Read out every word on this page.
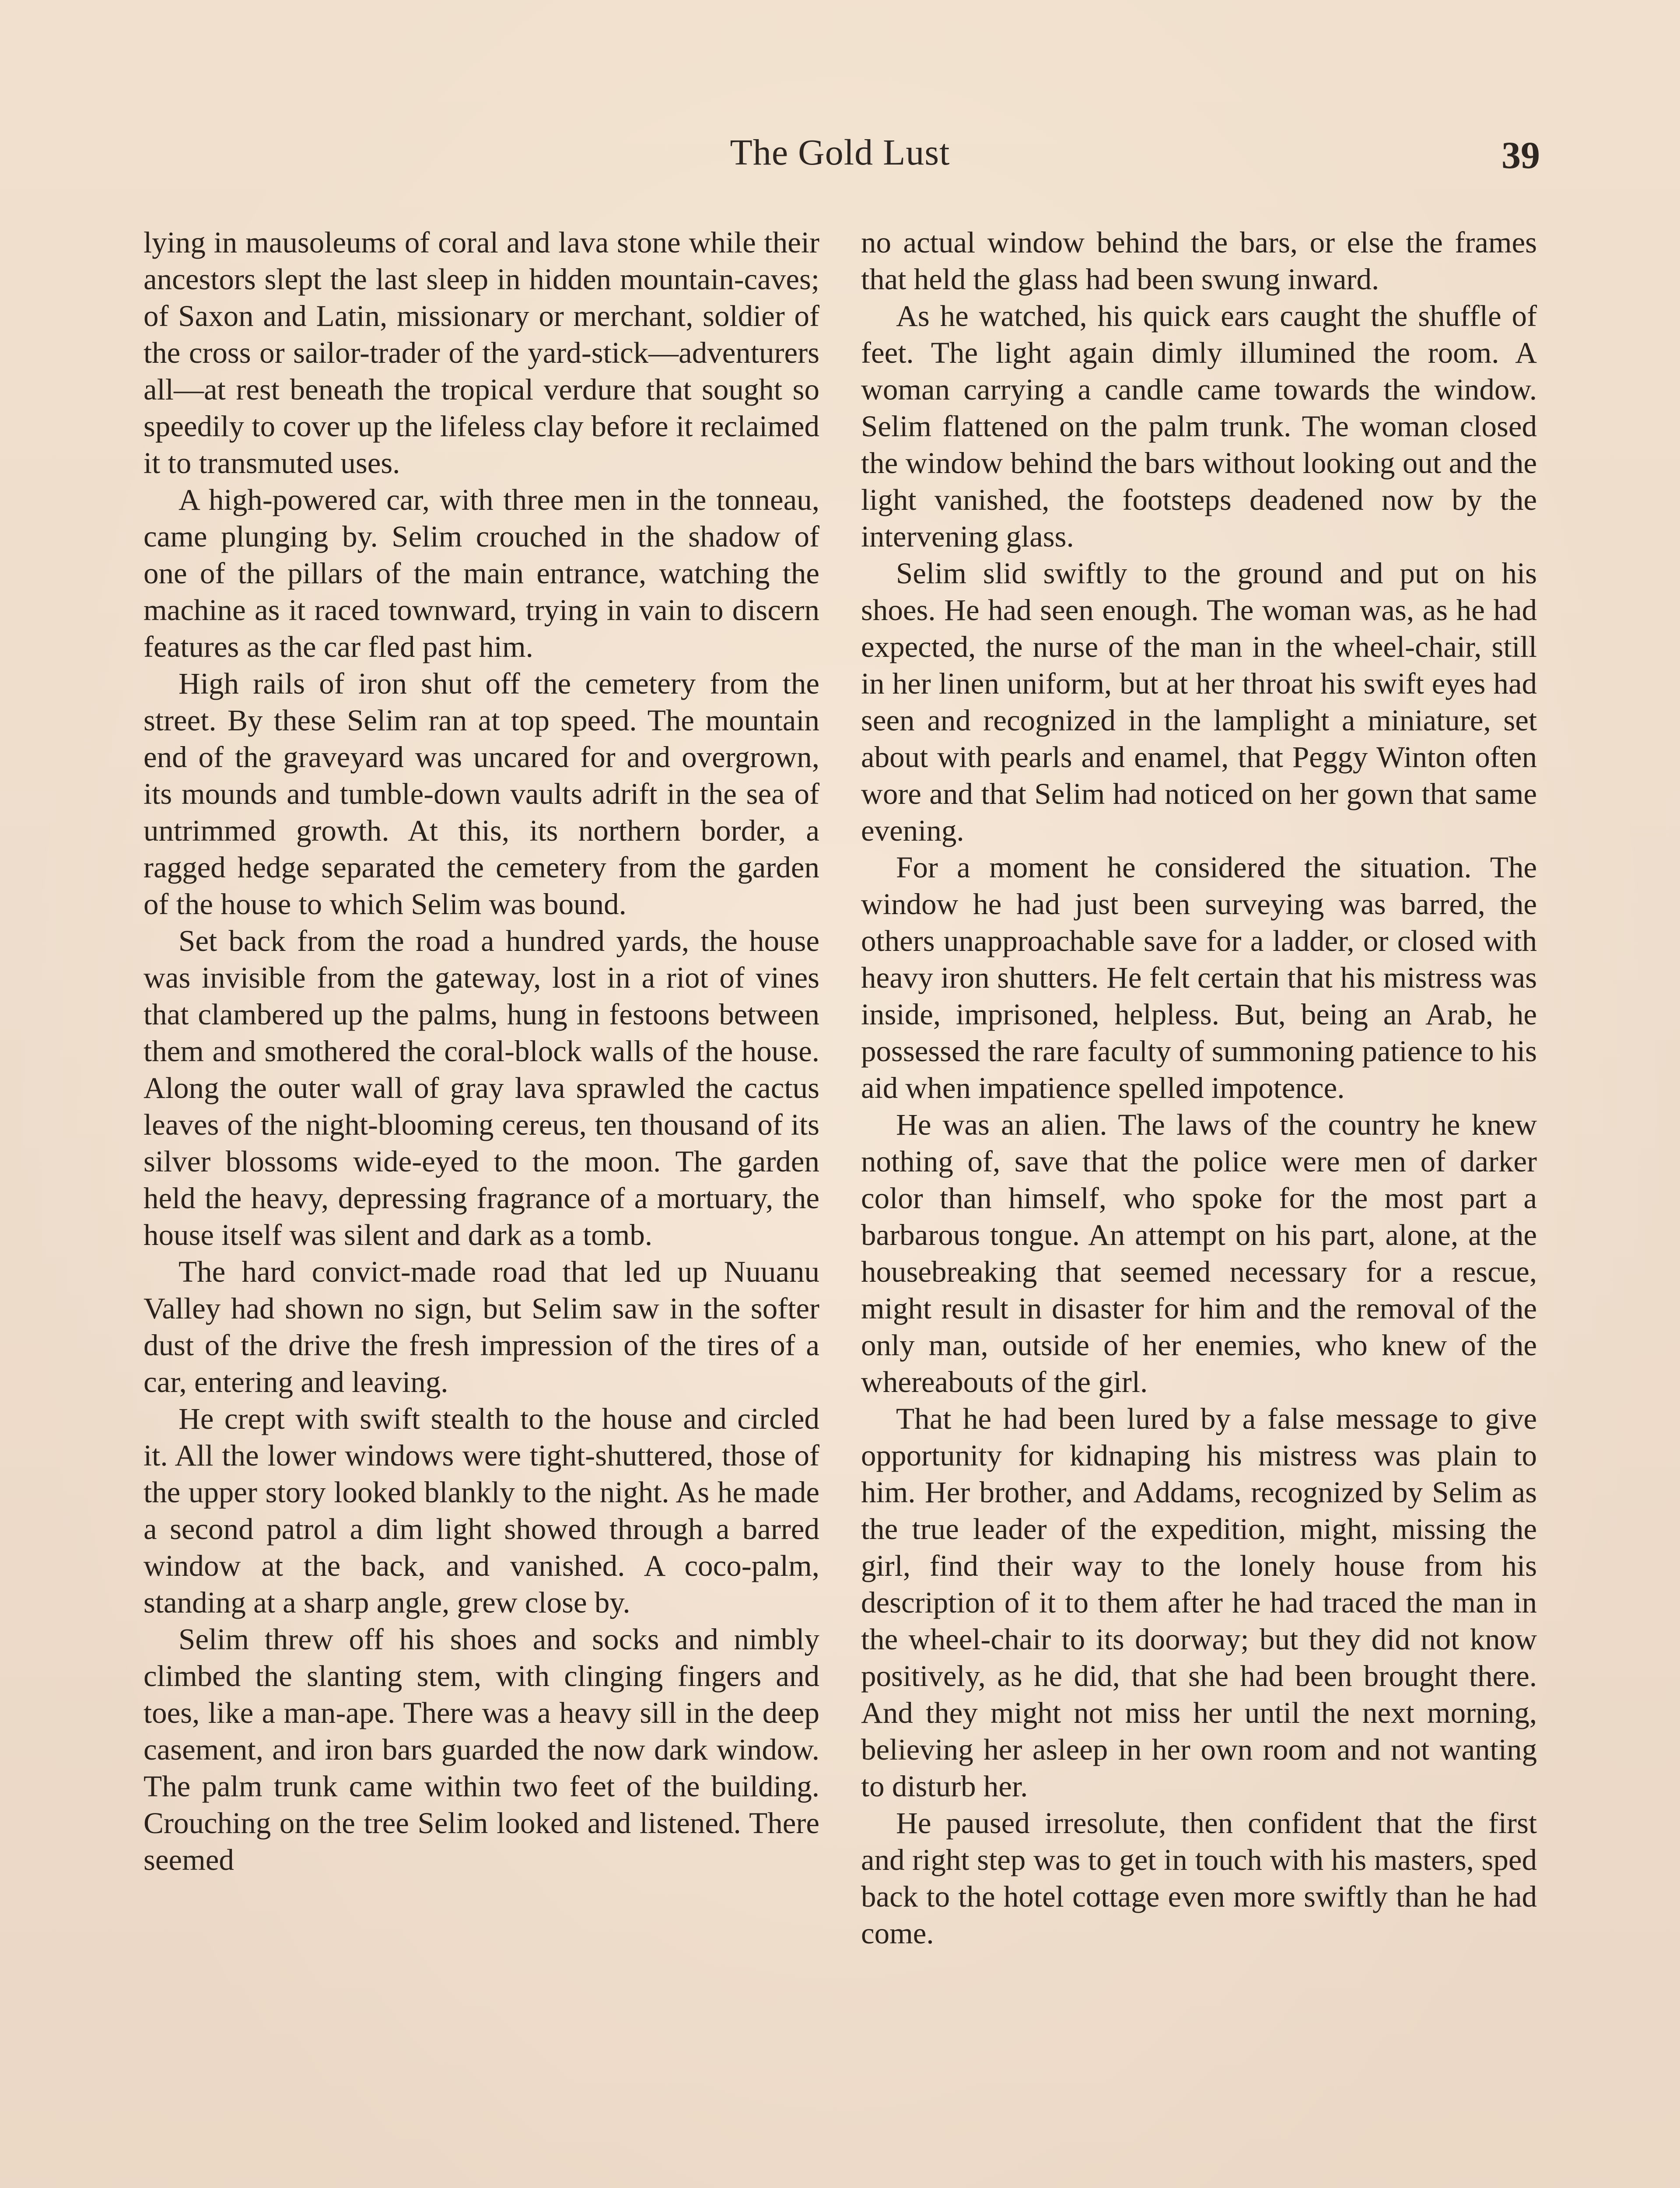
The Gold Lust	39

lying in mausoleums of coral and lava stone while their ancestors slept the last sleep in hidden mountain-caves; of Saxon and Latin, missionary or merchant, soldier of the cross or sailor-trader of the yard-stick—adventurers all—at rest beneath the tropical verdure that sought so speedily to cover up the lifeless clay before it reclaimed it to transmuted uses.

A high-powered car, with three men in the tonneau, came plunging by. Selim crouched in the shadow of one of the pillars of the main entrance, watching the machine as it raced townward, trying in vain to discern features as the car fled past him.

High rails of iron shut off the cemetery from the street. By these Selim ran at top speed. The mountain end of the graveyard was uncared for and overgrown, its mounds and tumble-down vaults adrift in the sea of untrimmed growth. At this, its northern border, a ragged hedge separated the cemetery from the garden of the house to which Selim was bound.

Set back from the road a hundred yards, the house was invisible from the gateway, lost in a riot of vines that clambered up the palms, hung in festoons between them and smothered the coral-block walls of the house. Along the outer wall of gray lava sprawled the cactus leaves of the night-blooming cereus, ten thousand of its silver blossoms wide-eyed to the moon. The garden held the heavy, depressing fragrance of a mortuary, the house itself was silent and dark as a tomb.

The hard convict-made road that led up Nuuanu Valley had shown no sign, but Selim saw in the softer dust of the drive the fresh impression of the tires of a car, entering and leaving.

He crept with swift stealth to the house and circled it. All the lower windows were tight-shuttered, those of the upper story looked blankly to the night. As he made a second patrol a dim light showed through a barred window at the back, and vanished. A coco-palm, standing at a sharp angle, grew close by.

Selim threw off his shoes and socks and nimbly climbed the slanting stem, with clinging fingers and toes, like a man-ape. There was a heavy sill in the deep casement, and iron bars guarded the now dark window. The palm trunk came within two feet of the building. Crouching on the tree Selim looked and listened. There seemed

no actual window behind the bars, or else the frames that held the glass had been swung inward.

As he watched, his quick ears caught the shuffle of feet. The light again dimly illumined the room. A woman carrying a candle came towards the window. Selim flattened on the palm trunk. The woman closed the window behind the bars without looking out and the light vanished, the footsteps deadened now by the intervening glass.

Selim slid swiftly to the ground and put on his shoes. He had seen enough. The woman was, as he had expected, the nurse of the man in the wheel-chair, still in her linen uniform, but at her throat his swift eyes had seen and recognized in the lamplight a miniature, set about with pearls and enamel, that Peggy Winton often wore and that Selim had noticed on her gown that same evening.

For a moment he considered the situation. The window he had just been surveying was barred, the others unapproachable save for a ladder, or closed with heavy iron shutters. He felt certain that his mistress was inside, imprisoned, helpless. But, being an Arab, he possessed the rare faculty of summoning patience to his aid when impatience spelled impotence.

He was an alien. The laws of the country he knew nothing of, save that the police were men of darker color than himself, who spoke for the most part a barbarous tongue. An attempt on his part, alone, at the housebreaking that seemed necessary for a rescue, might result in disaster for him and the removal of the only man, outside of her enemies, who knew of the whereabouts of the girl.

That he had been lured by a false message to give opportunity for kidnaping his mistress was plain to him. Her brother, and Addams, recognized by Selim as the true leader of the expedition, might, missing the girl, find their way to the lonely house from his description of it to them after he had traced the man in the wheel-chair to its doorway; but they did not know positively, as he did, that she had been brought there. And they might not miss her until the next morning, believing her asleep in her own room and not wanting to disturb her.

He paused irresolute, then confident that the first and right step was to get in touch with his masters, sped back to the hotel cottage even more swiftly than he had come.
